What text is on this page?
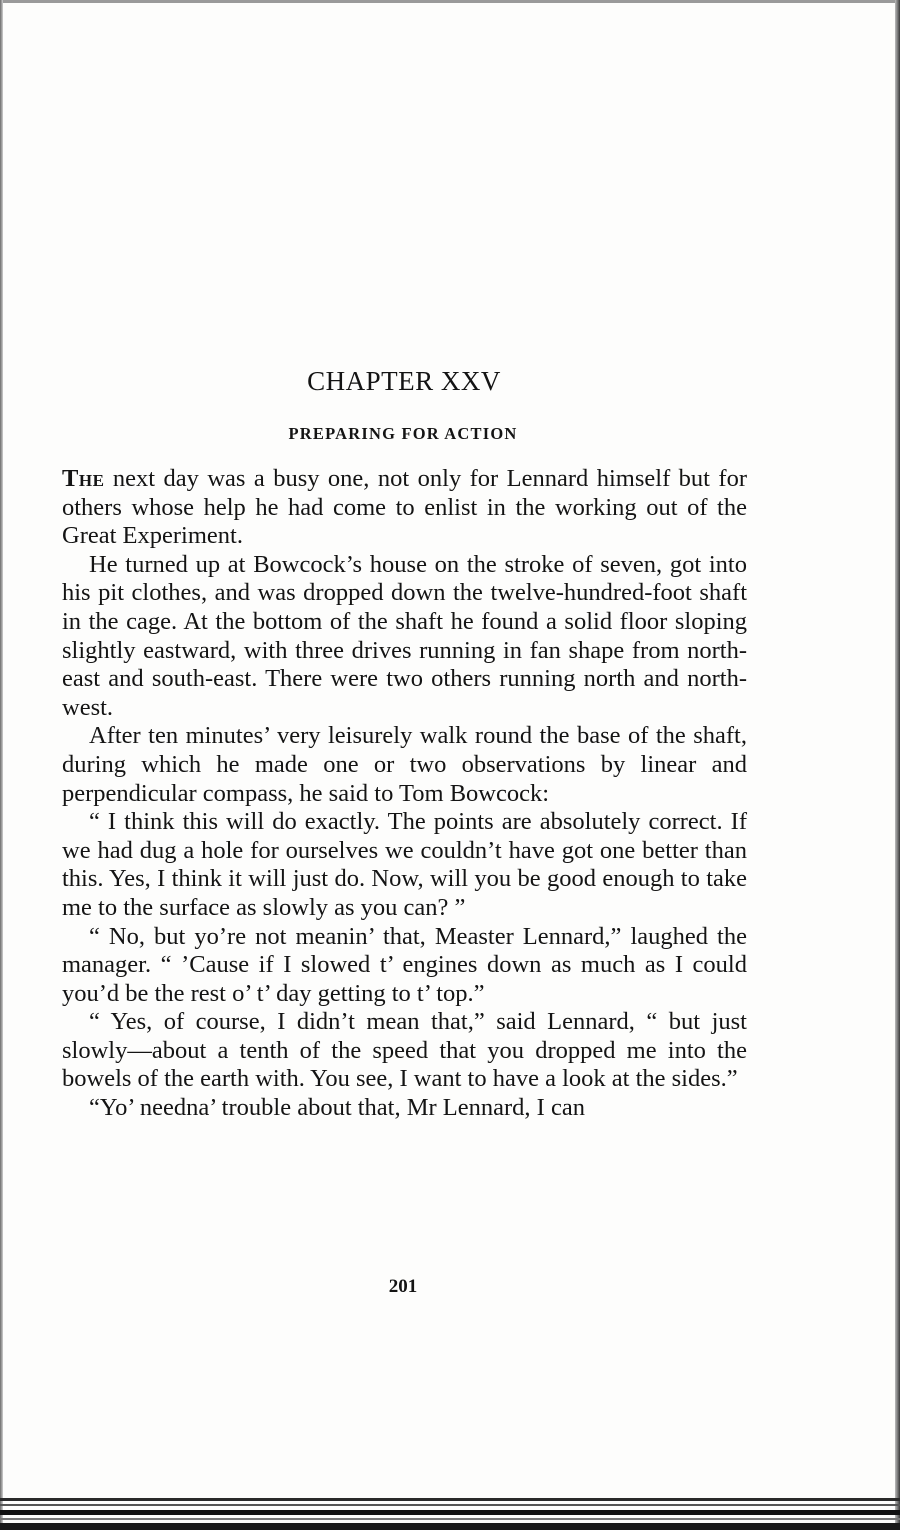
CHAPTER XXV
PREPARING FOR ACTION

The next day was a busy one, not only for Lennard himself but for others whose help he had come to enlist in the working out of the Great Experiment.

He turned up at Bowcock’s house on the stroke of seven, got into his pit clothes, and was dropped down the twelve-hundred-foot shaft in the cage. At the bottom of the shaft he found a solid floor sloping slightly eastward, with three drives running in fan shape from north-east and south-east. There were two others running north and north-west.

After ten minutes’ very leisurely walk round the base of the shaft, during which he made one or two observations by linear and perpendicular compass, he said to Tom Bowcock:

“ I think this will do exactly. The points are absolutely correct. If we had dug a hole for ourselves we couldn’t have got one better than this. Yes, I think it will just do. Now, will you be good enough to take me to the surface as slowly as you can? ”

“ No, but yo’re not meanin’ that, Measter Lennard,” laughed the manager. “ ’Cause if I slowed t’ engines down as much as I could you’d be the rest o’ t’ day getting to t’ top.”

“ Yes, of course, I didn’t mean that,” said Lennard, “ but just slowly—about a tenth of the speed that you dropped me into the bowels of the earth with. You see, I want to have a look at the sides.”

“Yo’ needna’ trouble about that, Mr Lennard, I can

201
